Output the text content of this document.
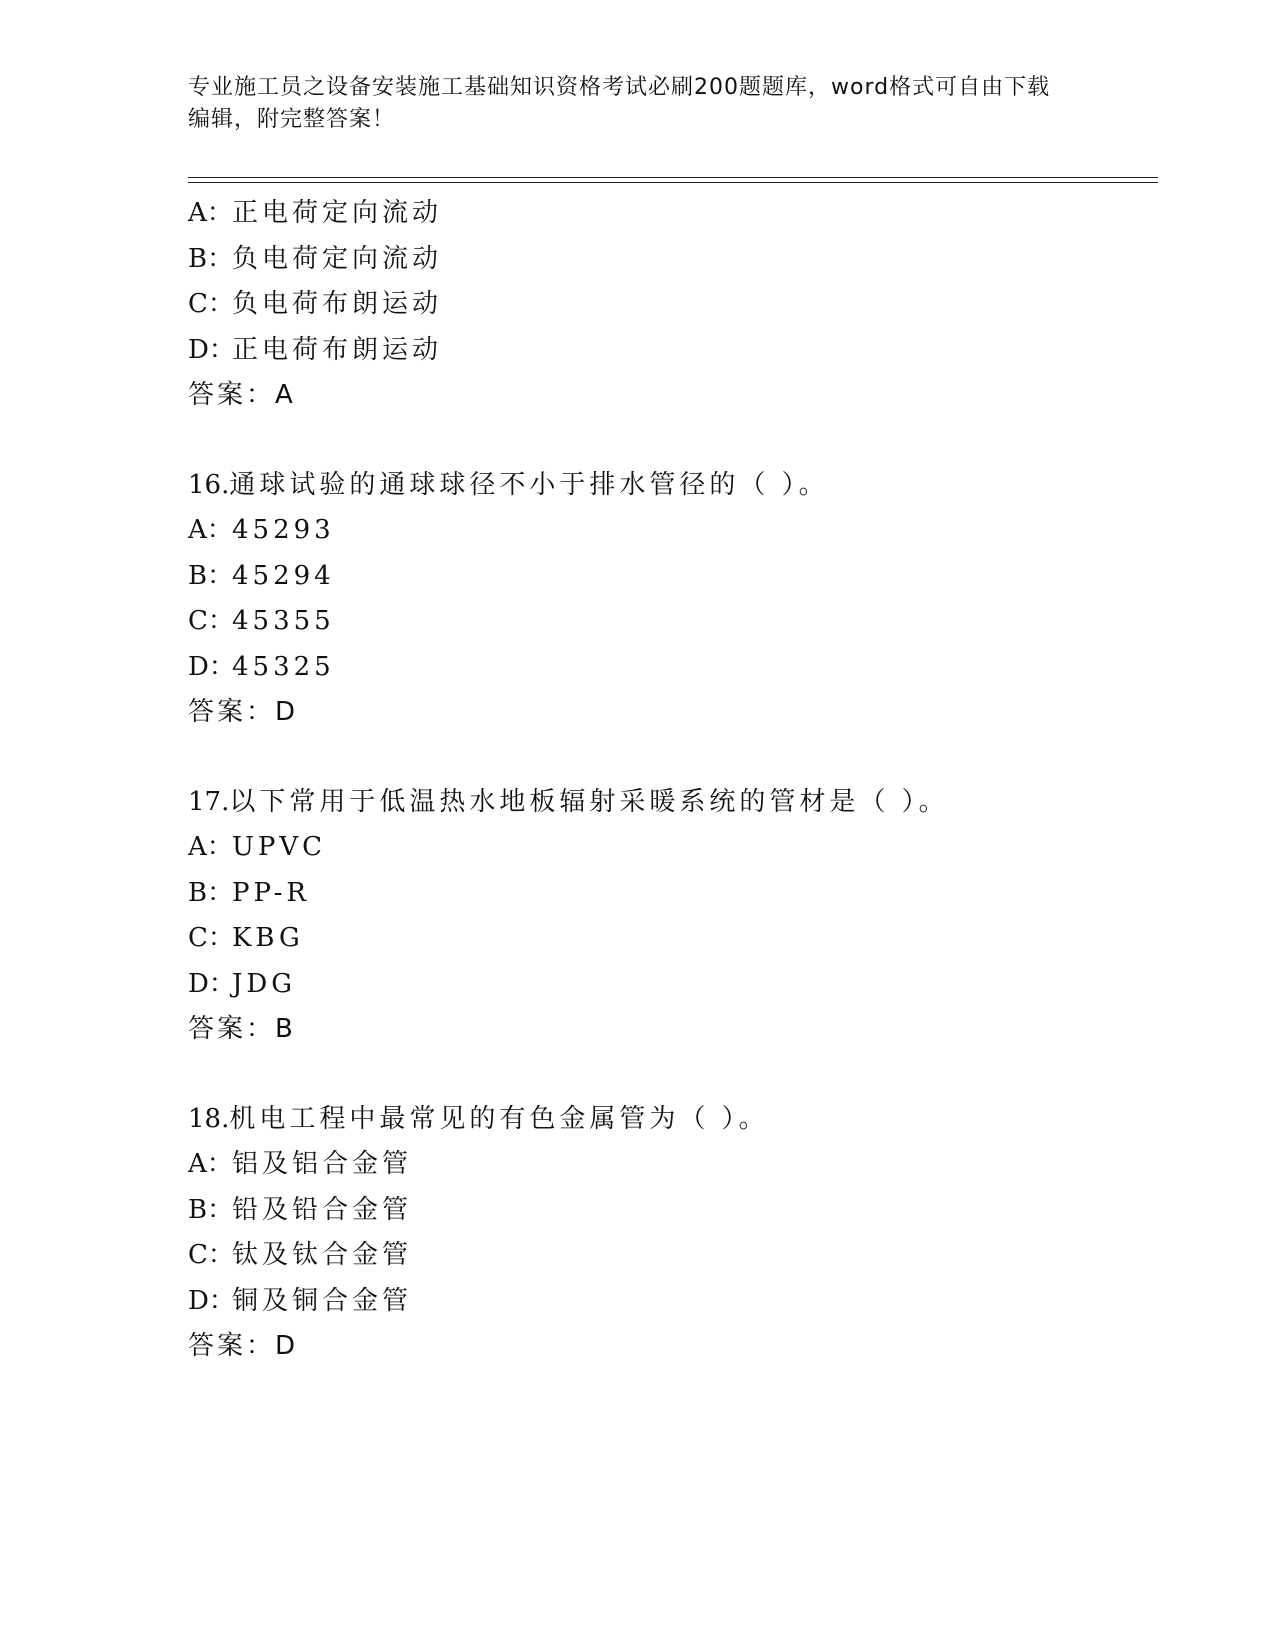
专业施工员之设备安装施工基础知识资格考试必刷200题题库，word格式可自由下载编辑，附完整答案！
A：正电荷定向流动
B：负电荷定向流动
C：负电荷布朗运动
D：正电荷布朗运动
答案：A
16.通球试验的通球球径不小于排水管径的（ ）。
A：45293
B：45294
C：45355
D：45325
答案：D
17.以下常用于低温热水地板辐射采暖系统的管材是（ ）。
A：UPVC
B：PP-R
C：KBG
D：JDG
答案：B
18.机电工程中最常见的有色金属管为（ ）。
A：铝及铝合金管
B：铅及铅合金管
C：钛及钛合金管
D：铜及铜合金管
答案：D
